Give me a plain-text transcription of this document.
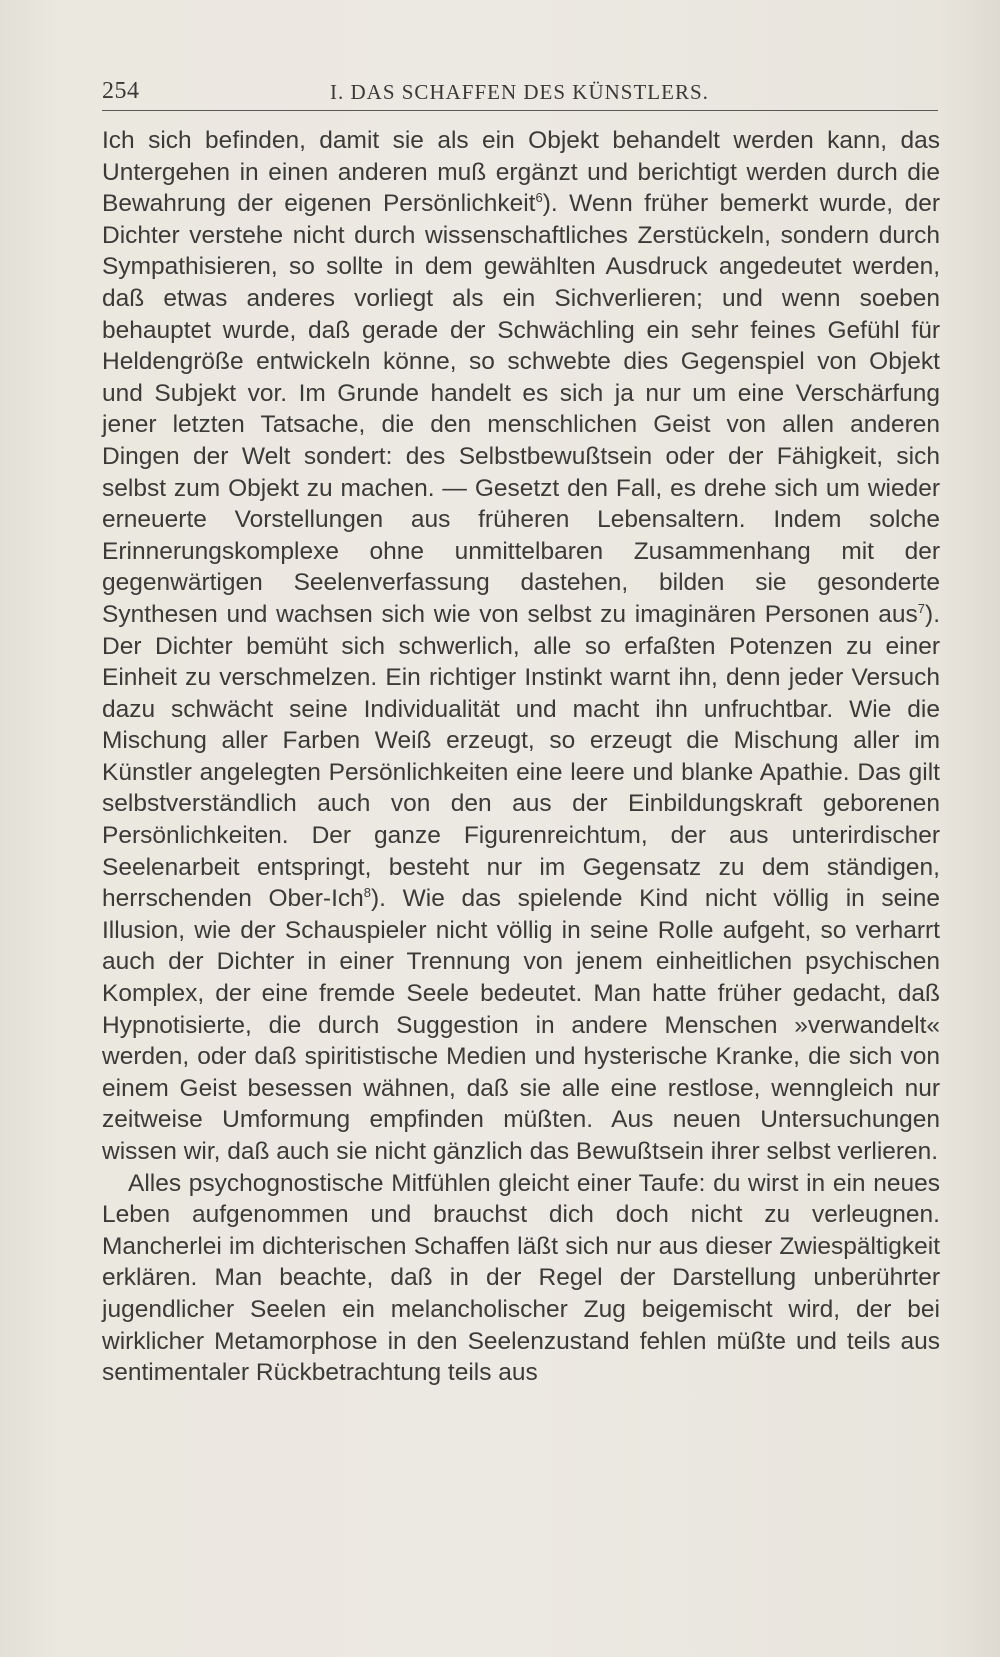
254	I. DAS SCHAFFEN DES KÜNSTLERS.

Ich sich befinden, damit sie als ein Objekt behandelt werden kann, das Untergehen in einen anderen muß ergänzt und berichtigt werden durch die Bewahrung der eigenen Persönlichkeit$^6$). Wenn früher bemerkt wurde, der Dichter verstehe nicht durch wissenschaftliches Zerstückeln, sondern durch Sympathisieren, so sollte in dem gewählten Ausdruck angedeutet werden, daß etwas anderes vorliegt als ein Sichverlieren; und wenn soeben behauptet wurde, daß gerade der Schwächling ein sehr feines Gefühl für Heldengröße entwickeln könne, so schwebte dies Gegenspiel von Objekt und Subjekt vor. Im Grunde handelt es sich ja nur um eine Verschärfung jener letzten Tatsache, die den menschlichen Geist von allen anderen Dingen der Welt sondert: des Selbstbewußtsein oder der Fähigkeit, sich selbst zum Objekt zu machen. — Gesetzt den Fall, es drehe sich um wieder erneuerte Vorstellungen aus früheren Lebensaltern. Indem solche Erinnerungskomplexe ohne unmittelbaren Zusammenhang mit der gegenwärtigen Seelenverfassung dastehen, bilden sie gesonderte Synthesen und wachsen sich wie von selbst zu imaginären Personen aus$^7$). Der Dichter bemüht sich schwerlich, alle so erfaßten Potenzen zu einer Einheit zu verschmelzen. Ein richtiger Instinkt warnt ihn, denn jeder Versuch dazu schwächt seine Individualität und macht ihn unfruchtbar. Wie die Mischung aller Farben Weiß erzeugt, so erzeugt die Mischung aller im Künstler angelegten Persönlichkeiten eine leere und blanke Apathie. Das gilt selbstverständlich auch von den aus der Einbildungskraft geborenen Persönlichkeiten. Der ganze Figurenreichtum, der aus unterirdischer Seelenarbeit entspringt, besteht nur im Gegensatz zu dem ständigen, herrschenden Ober-Ich$^8$). Wie das spielende Kind nicht völlig in seine Illusion, wie der Schauspieler nicht völlig in seine Rolle aufgeht, so verharrt auch der Dichter in einer Trennung von jenem einheitlichen psychischen Komplex, der eine fremde Seele bedeutet. Man hatte früher gedacht, daß Hypnotisierte, die durch Suggestion in andere Menschen »verwandelt« werden, oder daß spiritistische Medien und hysterische Kranke, die sich von einem Geist besessen wähnen, daß sie alle eine restlose, wenngleich nur zeitweise Umformung empfinden müßten. Aus neuen Untersuchungen wissen wir, daß auch sie nicht gänzlich das Bewußtsein ihrer selbst verlieren.

Alles psychognostische Mitfühlen gleicht einer Taufe: du wirst in ein neues Leben aufgenommen und brauchst dich doch nicht zu verleugnen. Mancherlei im dichterischen Schaffen läßt sich nur aus dieser Zwiespältigkeit erklären. Man beachte, daß in der Regel der Darstellung unberührter jugendlicher Seelen ein melancholischer Zug beigemischt wird, der bei wirklicher Metamorphose in den Seelenzustand fehlen müßte und teils aus sentimentaler Rückbetrachtung teils aus
